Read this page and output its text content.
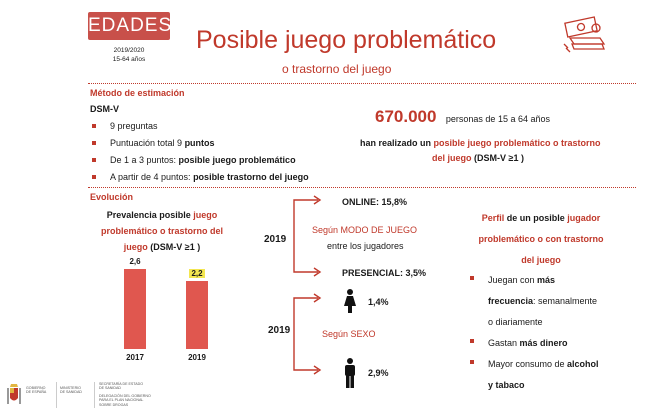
EDADES
2019/2020
15-64 años
Posible juego problemático
o trastorno del juego
Método de estimación
DSM-V
9 preguntas
Puntuación total 9 puntos
De 1 a 3 puntos: posible juego problemático
A partir de 4 puntos: posible trastorno del juego
670.000 personas de 15 a 64 años
han realizado un posible juego problemático o trastorno
del juego (DSM-V ≥1 )
Evolución
Prevalencia posible juego
problemático o trastorno del
juego (DSM-V ≥1 )
2,6
2017
2,2
2019
2019
ONLINE: 15,8%
Según MODO DE JUEGO
entre los jugadores
PRESENCIAL: 3,5%
2019
1,4%
Según SEXO
2,9%
Perfil de un posible jugador
problemático o con trastorno
del juego
Juegan con más
frecuencia: semanalmente
o diariamente
Gastan más dinero
Mayor consumo de alcohol
y tabaco
GOBIERNO
DE ESPAÑA
MINISTERIO
DE SANIDAD
SECRETARÍA DE ESTADO
DE SANIDAD
DELEGACIÓN DEL GOBIERNO
PARA EL PLAN NACIONAL
SOBRE DROGAS
